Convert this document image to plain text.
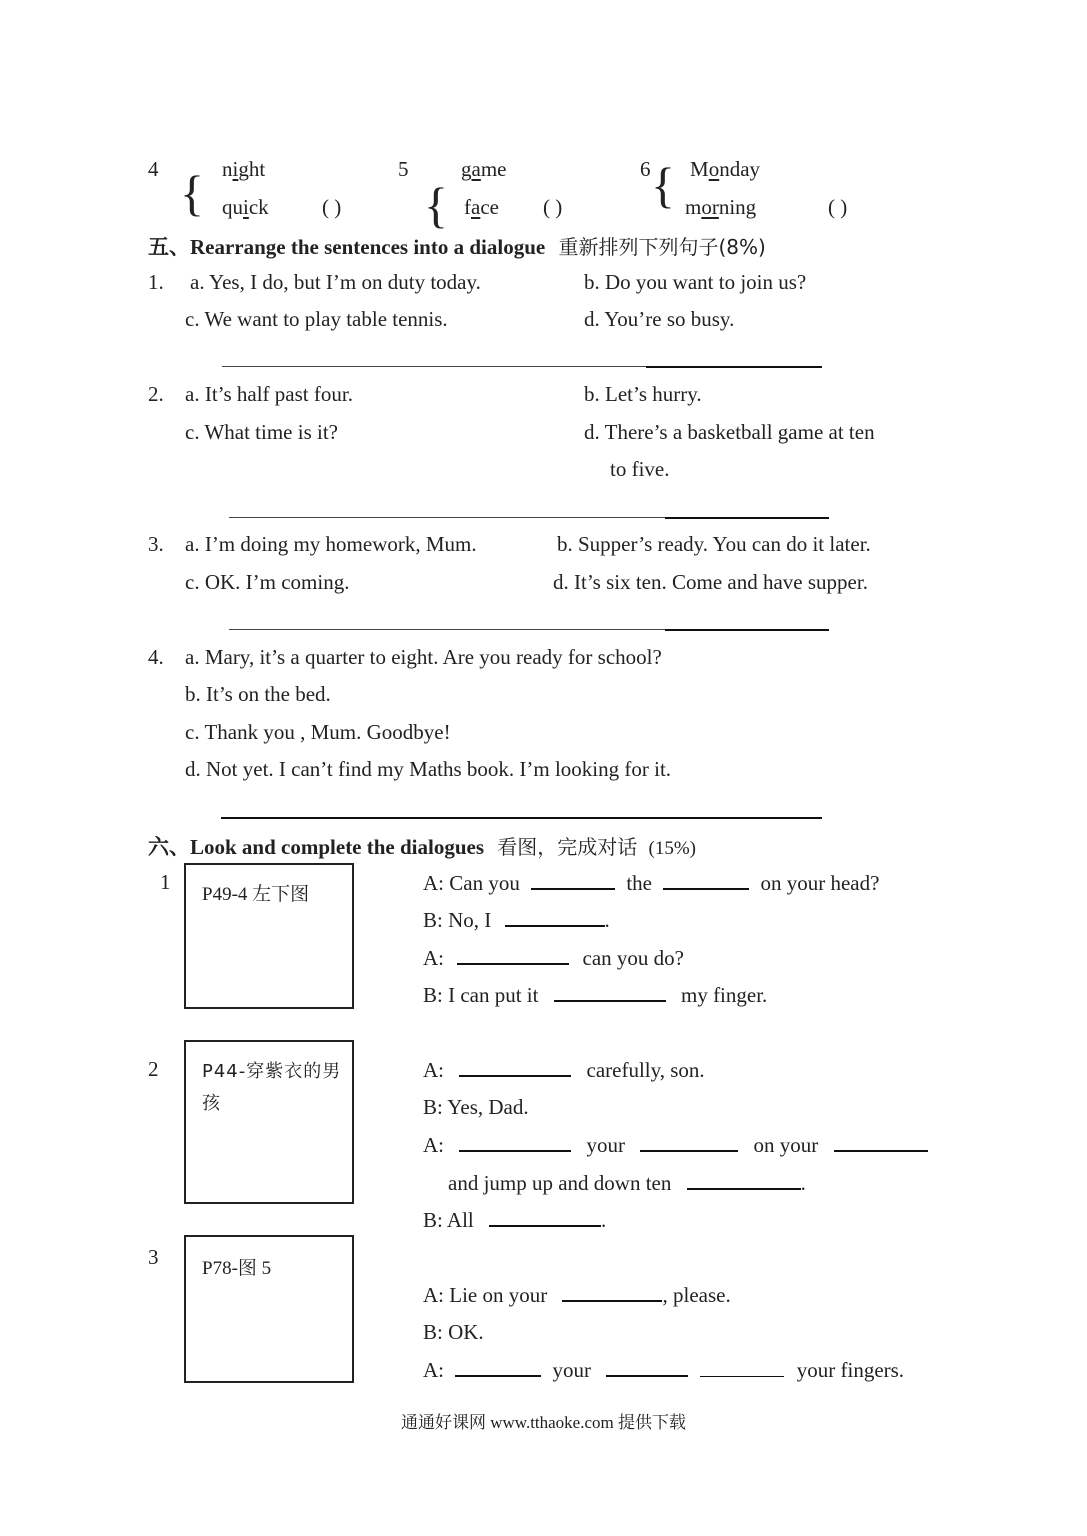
4 { night
quick	( )
5
{
game
face ( )
6 { Monday
morning	( )
五、Rearrange the sentences into a dialogue 重新排列下列句子(8%)
1. a. Yes, I do, but I’m on duty today.	b. Do you want to join us?
c. We want to play table tennis.	d. You’re so busy.
2. a. It’s half past four.	b. Let’s hurry.
c. What time is it?	d. There’s a basketball game at ten
to five.
3. a. I’m doing my homework, Mum.	b. Supper’s ready. You can do it later.
c. OK. I’m coming.	d. It’s six ten. Come and have supper.
4. a. Mary, it’s a quarter to eight. Are you ready for school?
b. It’s on the bed.
c. Thank you , Mum. Goodbye!
d. Not yet. I can’t find my Maths book. I’m looking for it.
六、Look and complete the dialogues 看图，完成对话 (15%)
1
P49-4 左下图	A: Can you	the	on your head?
B: No, I	.
A:	can you do?
B: I can put it	my finger.
2 P44-穿紫衣的男孩
A:	carefully, son.
B: Yes, Dad.
A:	your	on your
and jump up and down ten	.
B: All	.
3 P78-图 5
A: Lie on your	, please.
B: OK.
A:	your	your fingers.
通通好课网 www.tthaoke.com 提供下载
